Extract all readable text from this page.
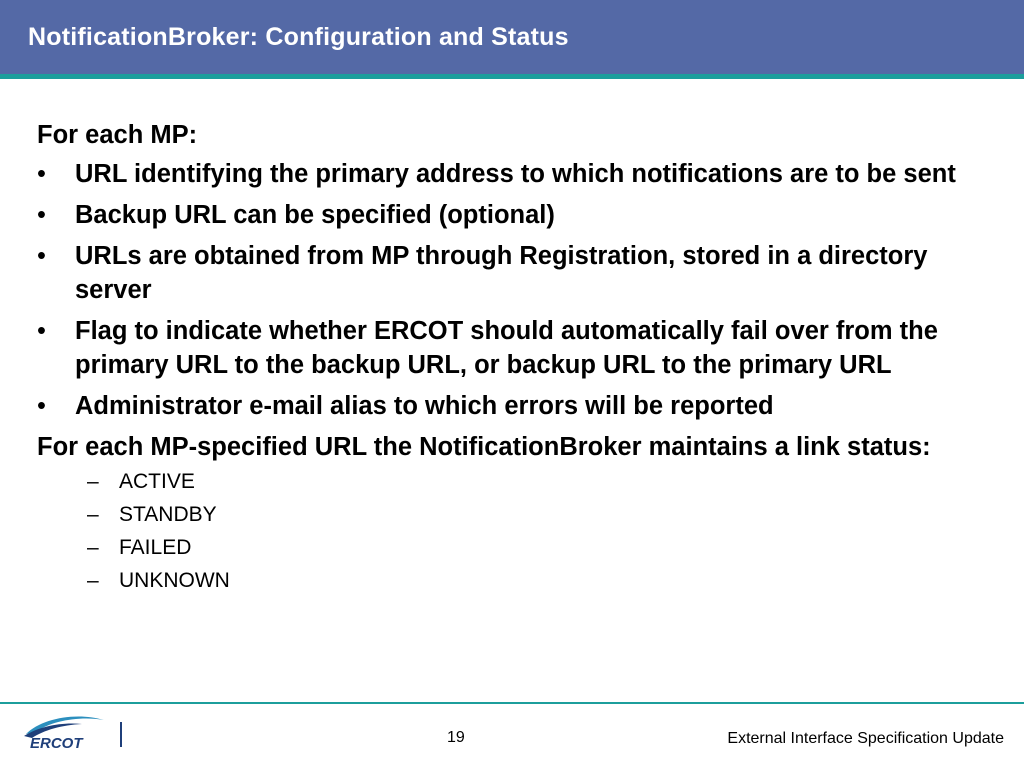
NotificationBroker: Configuration and Status

For each MP:

•	URL identifying the primary address to which notifications are to be sent
•	Backup URL can be specified (optional)
•	URLs are obtained from MP through Registration, stored in a directory server
•	Flag to indicate whether ERCOT should automatically fail over from the primary URL to the backup URL, or backup URL to the primary URL
•	Administrator e-mail alias to which errors will be reported

For each MP-specified URL the NotificationBroker maintains a link status:

– ACTIVE
– STANDBY
– FAILED
– UNKNOWN
ERCOT	19	External Interface Specification Update
